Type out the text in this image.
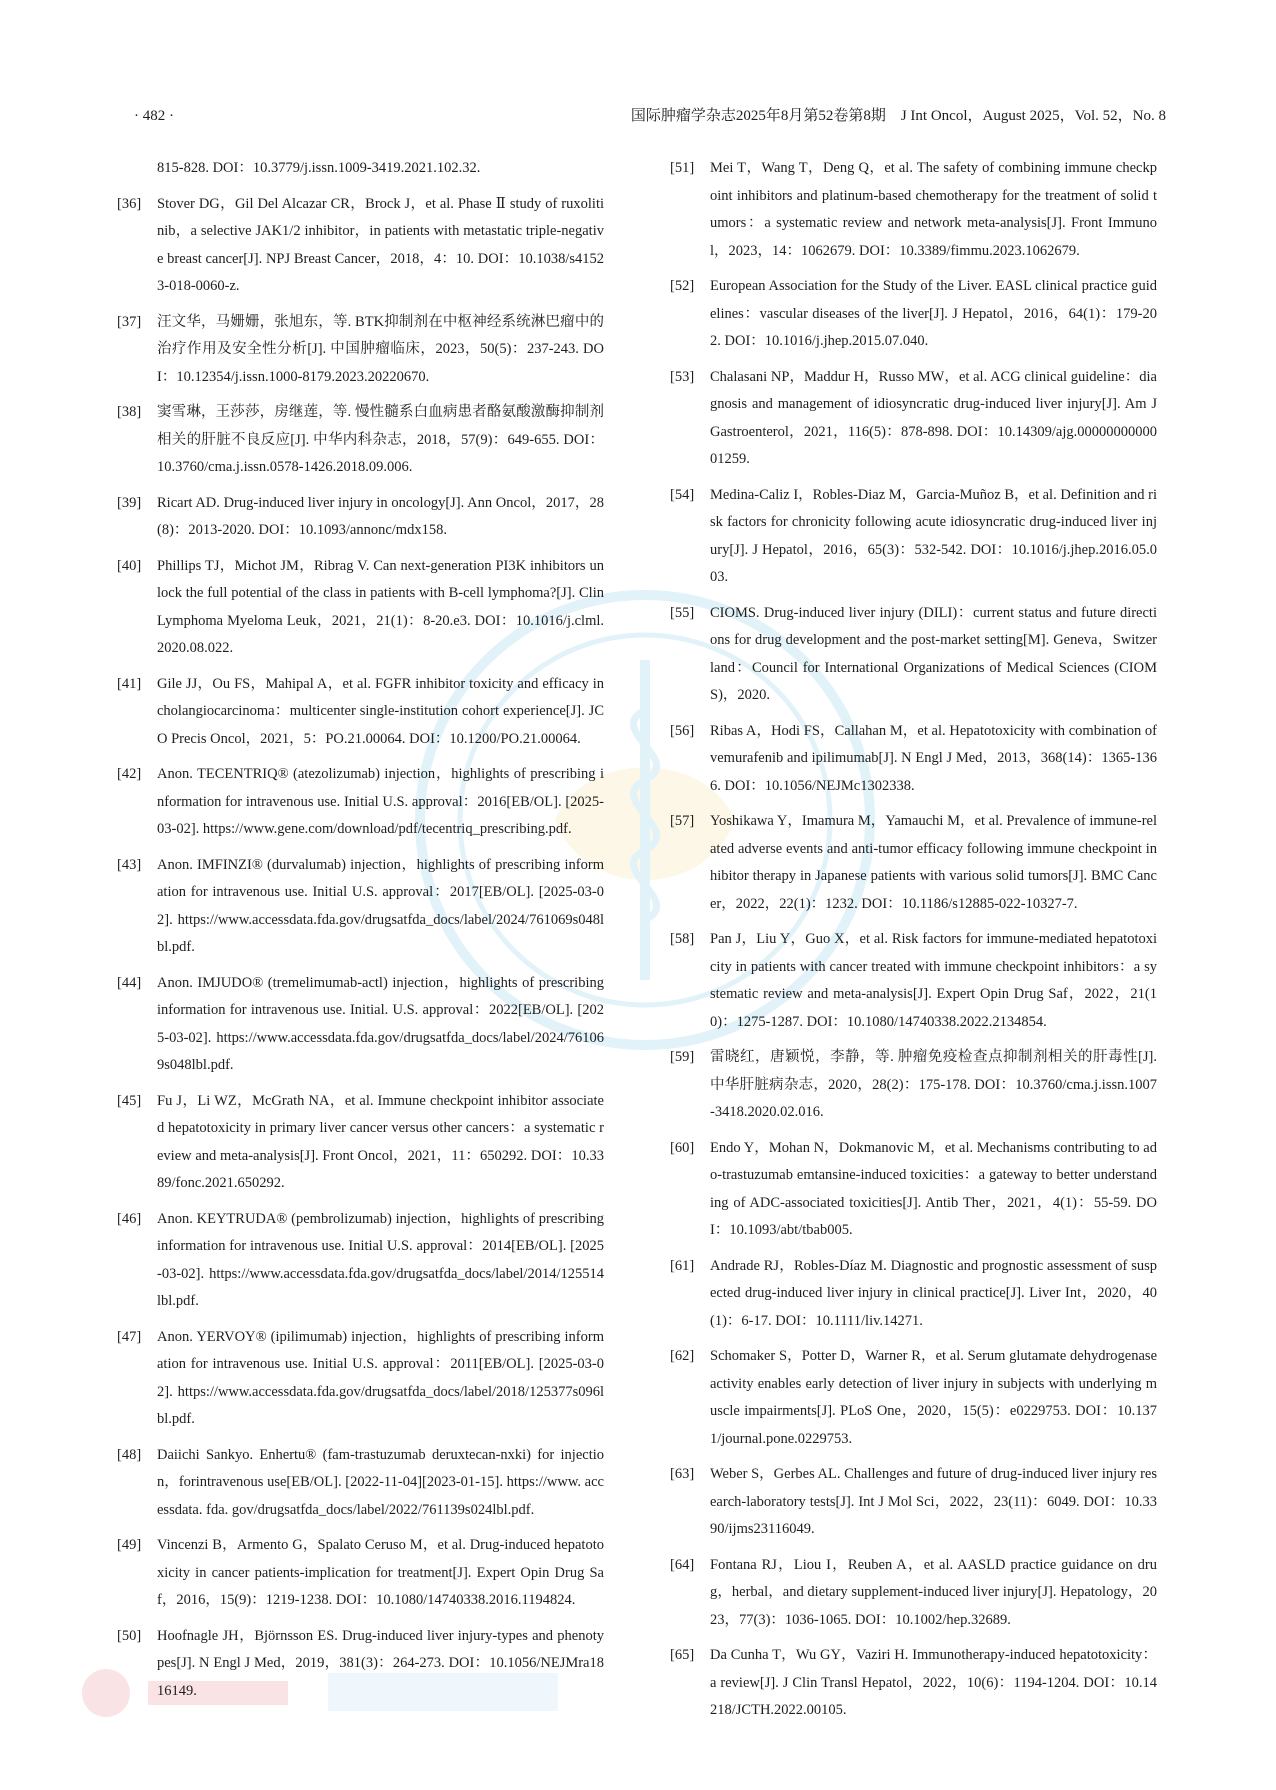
· 482 ·	国际肿瘤学杂志2025年8月第52卷第8期　J Int Oncol，August 2025，Vol. 52，No. 8
815-828. DOI：10.3779/j.issn.1009-3419.2021.102.32.
[36]	Stover DG，Gil Del Alcazar CR，Brock J，et al. Phase Ⅱ study of ruxolitinib，a selective JAK1/2 inhibitor，in patients with metastatic triple-negative breast cancer[J]. NPJ Breast Cancer，2018，4：10. DOI：10.1038/s41523-018-0060-z.
[37]	汪文华，马姗姗，张旭东，等. BTK抑制剂在中枢神经系统淋巴瘤中的治疗作用及安全性分析[J]. 中国肿瘤临床，2023，50(5)：237-243. DOI：10.12354/j.issn.1000-8179.2023.20220670.
[38]	窦雪琳，王莎莎，房继莲，等. 慢性髓系白血病患者酪氨酸激酶抑制剂相关的肝脏不良反应[J]. 中华内科杂志，2018，57(9)：649-655. DOI：10.3760/cma.j.issn.0578-1426.2018.09.006.
[39]	Ricart AD. Drug-induced liver injury in oncology[J]. Ann Oncol，2017，28(8)：2013-2020. DOI：10.1093/annonc/mdx158.
[40]	Phillips TJ，Michot JM，Ribrag V. Can next-generation PI3K inhibitors unlock the full potential of the class in patients with B-cell lymphoma?[J]. Clin Lymphoma Myeloma Leuk，2021，21(1)：8-20.e3. DOI：10.1016/j.clml.2020.08.022.
[41]	Gile JJ，Ou FS，Mahipal A，et al. FGFR inhibitor toxicity and efficacy in cholangiocarcinoma：multicenter single-institution cohort experience[J]. JCO Precis Oncol，2021，5：PO.21.00064. DOI：10.1200/PO.21.00064.
[42]	Anon. TECENTRIQ® (atezolizumab) injection，highlights of prescribing information for intravenous use. Initial U.S. approval：2016[EB/OL]. [2025-03-02]. https://www.gene.com/download/pdf/tecentriq_prescribing.pdf.
[43]	Anon. IMFINZI® (durvalumab) injection，highlights of prescribing information for intravenous use. Initial U.S. approval：2017[EB/OL]. [2025-03-02]. https://www.accessdata.fda.gov/drugsatfda_docs/label/2024/761069s048lbl.pdf.
[44]	Anon. IMJUDO® (tremelimumab-actl) injection，highlights of prescribing information for intravenous use. Initial. U.S. approval：2022[EB/OL]. [2025-03-02]. https://www.accessdata.fda.gov/drugsatfda_docs/label/2024/761069s048lbl.pdf.
[45]	Fu J，Li WZ，McGrath NA，et al. Immune checkpoint inhibitor associated hepatotoxicity in primary liver cancer versus other cancers：a systematic review and meta-analysis[J]. Front Oncol，2021，11：650292. DOI：10.3389/fonc.2021.650292.
[46]	Anon. KEYTRUDA® (pembrolizumab) injection，highlights of prescribing information for intravenous use. Initial U.S. approval：2014[EB/OL]. [2025-03-02]. https://www.accessdata.fda.gov/drugsatfda_docs/label/2014/125514lbl.pdf.
[47]	Anon. YERVOY® (ipilimumab) injection，highlights of prescribing information for intravenous use. Initial U.S. approval：2011[EB/OL]. [2025-03-02]. https://www.accessdata.fda.gov/drugsatfda_docs/label/2018/125377s096lbl.pdf.
[48]	Daiichi Sankyo. Enhertu® (fam-trastuzumab deruxtecan-nxki) for injection，forintravenous use[EB/OL]. [2022-11-04][2023-01-15]. https://www. accessdata. fda. gov/drugsatfda_docs/label/2022/761139s024lbl.pdf.
[49]	Vincenzi B，Armento G，Spalato Ceruso M，et al. Drug-induced hepatotoxicity in cancer patients-implication for treatment[J]. Expert Opin Drug Saf，2016，15(9)：1219-1238. DOI：10.1080/14740338.2016.1194824.
[50]	Hoofnagle JH，Björnsson ES. Drug-induced liver injury-types and phenotypes[J]. N Engl J Med，2019，381(3)：264-273. DOI：10.1056/NEJMra1816149.
[51]	Mei T，Wang T，Deng Q，et al. The safety of combining immune checkpoint inhibitors and platinum-based chemotherapy for the treatment of solid tumors：a systematic review and network meta-analysis[J]. Front Immunol，2023，14：1062679. DOI：10.3389/fimmu.2023.1062679.
[52]	European Association for the Study of the Liver. EASL clinical practice guidelines：vascular diseases of the liver[J]. J Hepatol，2016，64(1)：179-202. DOI：10.1016/j.jhep.2015.07.040.
[53]	Chalasani NP，Maddur H，Russo MW，et al. ACG clinical guideline：diagnosis and management of idiosyncratic drug-induced liver injury[J]. Am J Gastroenterol，2021，116(5)：878-898. DOI：10.14309/ajg.0000000000001259.
[54]	Medina-Caliz I，Robles-Diaz M，Garcia-Muñoz B，et al. Definition and risk factors for chronicity following acute idiosyncratic drug-induced liver injury[J]. J Hepatol，2016，65(3)：532-542. DOI：10.1016/j.jhep.2016.05.003.
[55]	CIOMS. Drug-induced liver injury (DILI)：current status and future directions for drug development and the post-market setting[M]. Geneva，Switzerland：Council for International Organizations of Medical Sciences (CIOMS)，2020.
[56]	Ribas A，Hodi FS，Callahan M，et al. Hepatotoxicity with combination of vemurafenib and ipilimumab[J]. N Engl J Med，2013，368(14)：1365-1366. DOI：10.1056/NEJMc1302338.
[57]	Yoshikawa Y，Imamura M，Yamauchi M，et al. Prevalence of immune-related adverse events and anti-tumor efficacy following immune checkpoint inhibitor therapy in Japanese patients with various solid tumors[J]. BMC Cancer，2022，22(1)：1232. DOI：10.1186/s12885-022-10327-7.
[58]	Pan J，Liu Y，Guo X，et al. Risk factors for immune-mediated hepatotoxicity in patients with cancer treated with immune checkpoint inhibitors：a systematic review and meta-analysis[J]. Expert Opin Drug Saf，2022，21(10)：1275-1287. DOI：10.1080/14740338.2022.2134854.
[59]	雷晓红，唐颖悦，李静，等. 肿瘤免疫检查点抑制剂相关的肝毒性[J]. 中华肝脏病杂志，2020，28(2)：175-178. DOI：10.3760/cma.j.issn.1007-3418.2020.02.016.
[60]	Endo Y，Mohan N，Dokmanovic M，et al. Mechanisms contributing to ado-trastuzumab emtansine-induced toxicities：a gateway to better understanding of ADC-associated toxicities[J]. Antib Ther，2021，4(1)：55-59. DOI：10.1093/abt/tbab005.
[61]	Andrade RJ，Robles-Díaz M. Diagnostic and prognostic assessment of suspected drug-induced liver injury in clinical practice[J]. Liver Int，2020，40(1)：6-17. DOI：10.1111/liv.14271.
[62]	Schomaker S，Potter D，Warner R，et al. Serum glutamate dehydrogenase activity enables early detection of liver injury in subjects with underlying muscle impairments[J]. PLoS One，2020，15(5)：e0229753. DOI：10.1371/journal.pone.0229753.
[63]	Weber S，Gerbes AL. Challenges and future of drug-induced liver injury research-laboratory tests[J]. Int J Mol Sci，2022，23(11)：6049. DOI：10.3390/ijms23116049.
[64]	Fontana RJ，Liou I，Reuben A，et al. AASLD practice guidance on drug，herbal，and dietary supplement-induced liver injury[J]. Hepatology，2023，77(3)：1036-1065. DOI：10.1002/hep.32689.
[65]	Da Cunha T，Wu GY，Vaziri H. Immunotherapy-induced hepatotoxicity：a review[J]. J Clin Transl Hepatol，2022，10(6)：1194-1204. DOI：10.14218/JCTH.2022.00105.
